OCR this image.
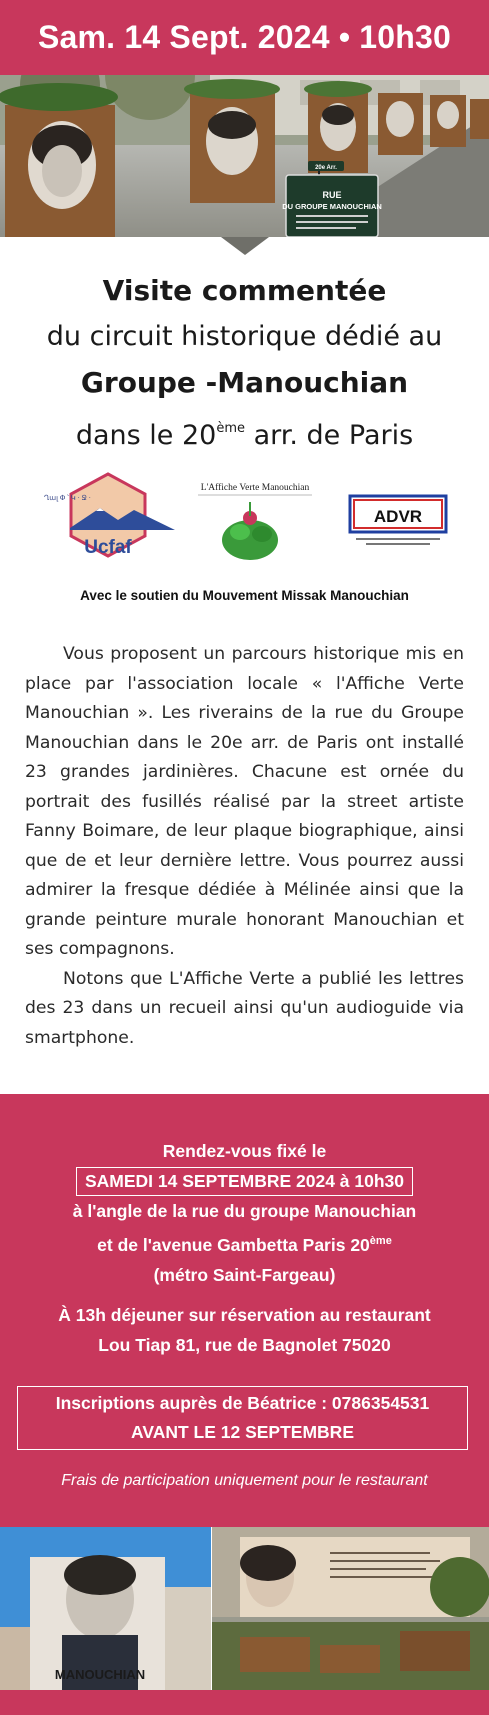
Sam. 14 Sept. 2024 • 10h30
RUE
DU GROUPE MANOUCHIAN
20e Arr.
Visite commentée
du circuit historique dédié au
Groupe -Manouchian
dans le 20ème arr. de Paris
Ղալ Փ ՝ Կ · Ջ ·
Ucfaf
L'Affiche Verte Manouchian
ADVR
Avec le soutien du Mouvement Missak Manouchian

Vous proposent un parcours historique mis en place par l'association locale « l'Affiche Verte Manouchian ». Les riverains de la rue du Groupe Manouchian dans le 20e arr. de Paris ont installé 23 grandes jardinières. Chacune est ornée du portrait des fusillés réalisé par la street artiste Fanny Boimare, de leur plaque biographique, ainsi que de et leur dernière lettre. Vous pourrez aussi admirer la fresque dédiée à Mélinée ainsi que la grande peinture murale honorant Manouchian et ses compagnons.

Notons que L'Affiche Verte a publié les lettres des 23 dans un recueil ainsi qu'un audioguide via smartphone.

Rendez-vous fixé le
SAMEDI 14 SEPTEMBRE 2024 à 10h30
à l'angle de la rue du groupe Manouchian
et de l'avenue Gambetta Paris 20ème
(métro Saint-Fargeau)
À 13h déjeuner sur réservation au restaurant
Lou Tiap 81, rue de Bagnolet 75020
Inscriptions auprès de Béatrice : 0786354531
AVANT LE 12 SEPTEMBRE
Frais de participation uniquement pour le restaurant
MANOUCHIAN
